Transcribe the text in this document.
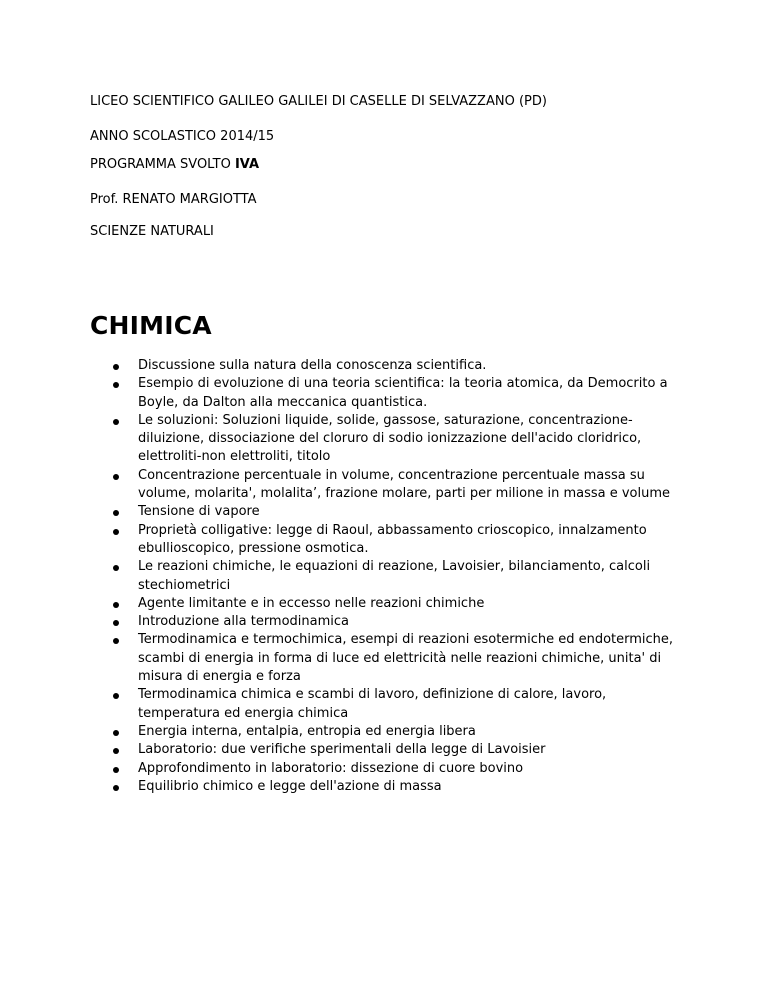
LICEO SCIENTIFICO GALILEO GALILEI DI CASELLE DI SELVAZZANO (PD)
ANNO SCOLASTICO 2014/15
PROGRAMMA SVOLTO IVA
Prof. RENATO MARGIOTTA
SCIENZE NATURALI
CHIMICA
Discussione sulla natura della conoscenza scientifica.
Esempio di evoluzione di una teoria scientifica: la teoria atomica, da Democrito a Boyle, da Dalton alla meccanica quantistica.
Le soluzioni: Soluzioni liquide, solide, gassose, saturazione, concentrazione-diluizione, dissociazione del cloruro di sodio ionizzazione dell'acido cloridrico, elettroliti-non elettroliti, titolo
Concentrazione percentuale in volume, concentrazione percentuale massa su volume, molarita', molalita’, frazione molare, parti per milione in massa e volume
Tensione di vapore
Proprietà colligative: legge di Raoul, abbassamento crioscopico, innalzamento ebullioscopico, pressione osmotica.
Le reazioni chimiche, le equazioni di reazione, Lavoisier, bilanciamento, calcoli stechiometrici
Agente limitante e in eccesso nelle reazioni chimiche
Introduzione alla termodinamica
Termodinamica e termochimica, esempi di reazioni esotermiche ed endotermiche, scambi di energia in forma di luce ed elettricità nelle reazioni chimiche, unita' di misura di energia e forza
Termodinamica chimica e scambi di lavoro, definizione di calore, lavoro, temperatura ed energia chimica
Energia interna, entalpia, entropia ed energia libera
Laboratorio: due verifiche sperimentali della legge di Lavoisier
Approfondimento in laboratorio: dissezione di cuore bovino
Equilibrio chimico e legge dell'azione di massa
